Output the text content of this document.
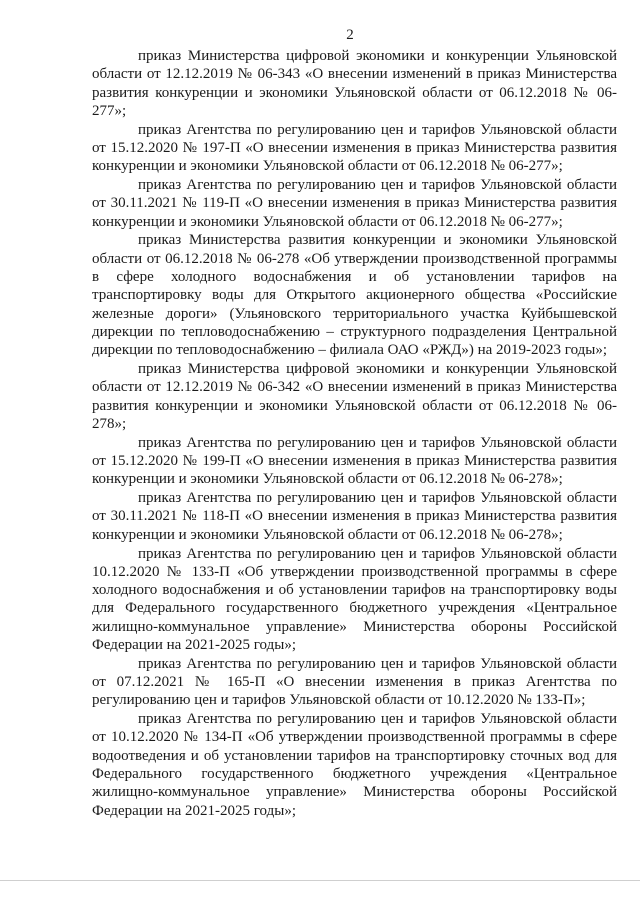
2

приказ Министерства цифровой экономики и конкуренции Ульяновской области от 12.12.2019 № 06-343 «О внесении изменений в приказ Министерства развития конкуренции и экономики Ульяновской области от 06.12.2018 № 06-277»;

приказ Агентства по регулированию цен и тарифов Ульяновской области от 15.12.2020 № 197-П «О внесении изменения в приказ Министерства развития конкуренции и экономики Ульяновской области от 06.12.2018 № 06-277»;

приказ Агентства по регулированию цен и тарифов Ульяновской области от 30.11.2021 № 119-П «О внесении изменения в приказ Министерства развития конкуренции и экономики Ульяновской области от 06.12.2018 № 06-277»;

приказ Министерства развития конкуренции и экономики Ульяновской области от 06.12.2018 № 06-278 «Об утверждении производственной программы в сфере холодного водоснабжения и об установлении тарифов на транспортировку воды для Открытого акционерного общества «Российские железные дороги» (Ульяновского территориального участка Куйбышевской дирекции по тепловодоснабжению – структурного подразделения Центральной дирекции по тепловодоснабжению – филиала ОАО «РЖД») на 2019-2023 годы»;

приказ Министерства цифровой экономики и конкуренции Ульяновской области от 12.12.2019 № 06-342 «О внесении изменений в приказ Министерства развития конкуренции и экономики Ульяновской области от 06.12.2018 № 06-278»;

приказ Агентства по регулированию цен и тарифов Ульяновской области от 15.12.2020 № 199-П «О внесении изменения в приказ Министерства развития конкуренции и экономики Ульяновской области от 06.12.2018 № 06-278»;

приказ Агентства по регулированию цен и тарифов Ульяновской области от 30.11.2021 № 118-П «О внесении изменения в приказ Министерства развития конкуренции и экономики Ульяновской области от 06.12.2018 № 06-278»;

приказ Агентства по регулированию цен и тарифов Ульяновской области 10.12.2020 № 133-П «Об утверждении производственной программы в сфере холодного водоснабжения и об установлении тарифов на транспортировку воды для Федерального государственного бюджетного учреждения «Центральное жилищно-коммунальное управление» Министерства обороны Российской Федерации на 2021-2025 годы»;

приказ Агентства по регулированию цен и тарифов Ульяновской области от 07.12.2021 № 165-П «О внесении изменения в приказ Агентства по регулированию цен и тарифов Ульяновской области от 10.12.2020 № 133-П»;

приказ Агентства по регулированию цен и тарифов Ульяновской области от 10.12.2020 № 134-П «Об утверждении производственной программы в сфере водоотведения и об установлении тарифов на транспортировку сточных вод для Федерального государственного бюджетного учреждения «Центральное жилищно-коммунальное управление» Министерства обороны Российской Федерации на 2021-2025 годы»;
